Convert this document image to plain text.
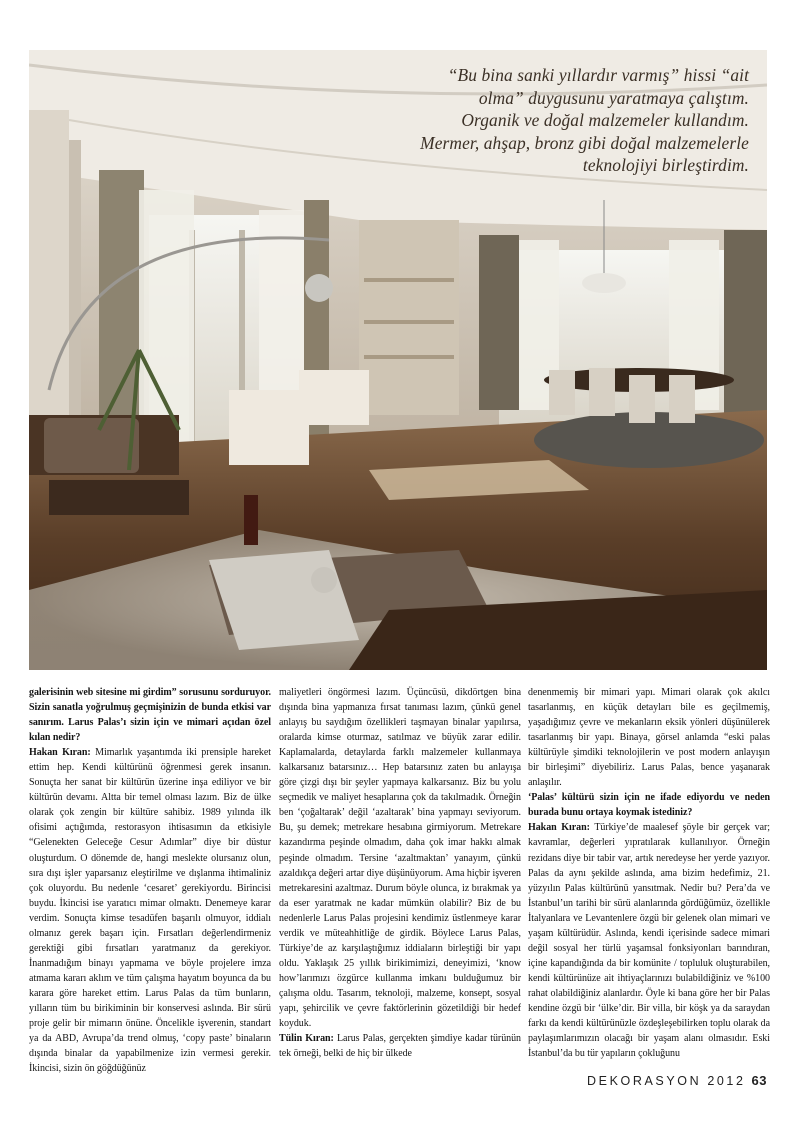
“Bu bina sanki yıllardır varmış” hissi “ait olma” duygusunu yaratmaya çalıştım. Organik ve doğal malzemeler kullandım. Mermer, ahşap, bronz gibi doğal malzemelerle teknolojiyi birleştirdim.

galerisinin web sitesine mi girdim” sorusunu sorduruyor. Sizin sanatla yoğrulmuş geçmişinizin de bunda etkisi var sanırım. Larus Palas’ı sizin için ve mimari açıdan özel kılan nedir?
Hakan Kıran: Mimarlık yaşantımda iki prensiple hareket ettim hep. Kendi kültürünü öğrenmesi gerek insanın. Sonuçta her sanat bir kültürün üzerine inşa ediliyor ve bir kültürün devamı. Altta bir temel olması lazım. Biz de ülke olarak çok zengin bir kültüre sahibiz. 1989 yılında ilk ofisimi açtığımda, restorasyon ihtisasımın da etkisiyle “Gelenekten Geleceğe Cesur Adımlar” diye bir düstur oluşturdum. O dönemde de, hangi meslekte olursanız olun, sıra dışı işler yaparsanız eleştirilme ve dışlanma ihtimaliniz çok oluyordu. Bu nedenle ‘cesaret’ gerekiyordu. Birincisi buydu. İkincisi ise yaratıcı mimar olmaktı. Denemeye karar verdim. Sonuçta kimse tesadüfen başarılı olmuyor, iddialı olmanız gerek başarı için. Fırsatları değerlendirmeniz gerektiği gibi fırsatları yaratmanız da gerekiyor. İnanmadığım binayı yapmama ve böyle projelere imza atmama kararı aklım ve tüm çalışma hayatım boyunca da bu karara göre hareket ettim. Larus Palas da tüm bunların, yılların tüm bu birikiminin bir konservesi aslında. Bir sürü proje gelir bir mimarın önüne. Öncelikle işverenin, standart ya da ABD, Avrupa’da trend olmuş, ‘copy paste’ binaların dışında binalar da yapabilmenize izin vermesi gerekir. İkincisi, sizin ön göğdüğünüz

maliyetleri öngörmesi lazım. Üçüncüsü, dikdörtgen bina dışında bina yapmanıza fırsat tanıması lazım, çünkü genel anlayış bu saydığım özellikleri taşmayan binalar yapılırsa, oralarda kimse oturmaz, satılmaz ve büyük zarar edilir. Kaplamalarda, detaylarda farklı malzemeler kullanmaya kalkarsanız batarsınız… Hep batarsınız zaten bu anlayışa göre çizgi dışı bir şeyler yapmaya kalkarsanız. Biz bu yolu seçmedik ve maliyet hesaplarına çok da takılmadık. Örneğin ben ‘çoğaltarak’ değil ‘azaltarak’ bina yapmayı seviyorum. Bu, şu demek; metrekare hesabına girmiyorum. Metrekare kazandırma peşinde olmadım, daha çok imar hakkı almak peşinde olmadım. Tersine ‘azaltmaktan’ yanayım, çünkü azaldıkça değeri artar diye düşünüyorum. Ama hiçbir işveren metrekaresini azaltmaz. Durum böyle olunca, iz bırakmak ya da eser yaratmak ne kadar mümkün olabilir? Biz de bu nedenlerle Larus Palas projesini kendimiz üstlenmeye karar verdik ve müteahhitliğe de girdik. Böylece Larus Palas, Türkiye’de az karşılaştığımız iddiaların birleştiği bir yapı oldu. Yaklaşık 25 yıllık birikimimizi, deneyimizi, ‘know how’larımızı özgürce kullanma imkanı bulduğumuz bir çalışma oldu. Tasarım, teknoloji, malzeme, konsept, sosyal yapı, şehircilik ve çevre faktörlerinin gözetildiği bir hedef koyduk.
Tülin Kıran: Larus Palas, gerçekten şimdiye kadar türünün tek örneği, belki de hiç bir ülkede

denenmemiş bir mimari yapı. Mimari olarak çok akılcı tasarlanmış, en küçük detayları bile es geçilmemiş, yaşadığımız çevre ve mekanların eksik yönleri düşünülerek tasarlanmış bir yapı. Binaya, görsel anlamda “eski palas kültürüyle şimdiki teknolojilerin ve post modern anlayışın bir birleşimi” diyebiliriz. Larus Palas, bence yaşanarak anlaşılır.
‘Palas’ kültürü sizin için ne ifade ediyordu ve neden burada bunu ortaya koymak istediniz?
Hakan Kıran: Türkiye’de maalesef şöyle bir gerçek var; kavramlar, değerleri yıpratılarak kullanılıyor. Örneğin rezidans diye bir tabir var, artık neredeyse her yerde yazıyor. Palas da aynı şekilde aslında, ama bizim hedefimiz, 21. yüzyılın Palas kültürünü yansıtmak. Nedir bu? Pera’da ve İstanbul’un tarihi bir sürü alanlarında gördüğümüz, özellikle İtalyanlara ve Levantenlere özgü bir gelenek olan mimari ve yaşam kültürüdür. Aslında, kendi içerisinde sadece mimari değil sosyal her türlü yaşamsal fonksiyonları barındıran, içine kapandığında da bir komünite / topluluk oluşturabilen, kendi kültürünüze ait ihtiyaçlarınızı bulabildiğiniz ve %100 rahat olabildiğiniz alanlardır. Öyle ki bana göre her bir Palas kendine özgü bir ‘ülke’dir. Bir villa, bir köşk ya da saraydan farkı da kendi kültürünüzle özdeşleşebilirken toplu olarak da paylaşımlarımızın olacağı bir yaşam alanı olmasıdır. Eski İstanbul’da bu tür yapıların çokluğunu

DEKORASYON 2012 63
